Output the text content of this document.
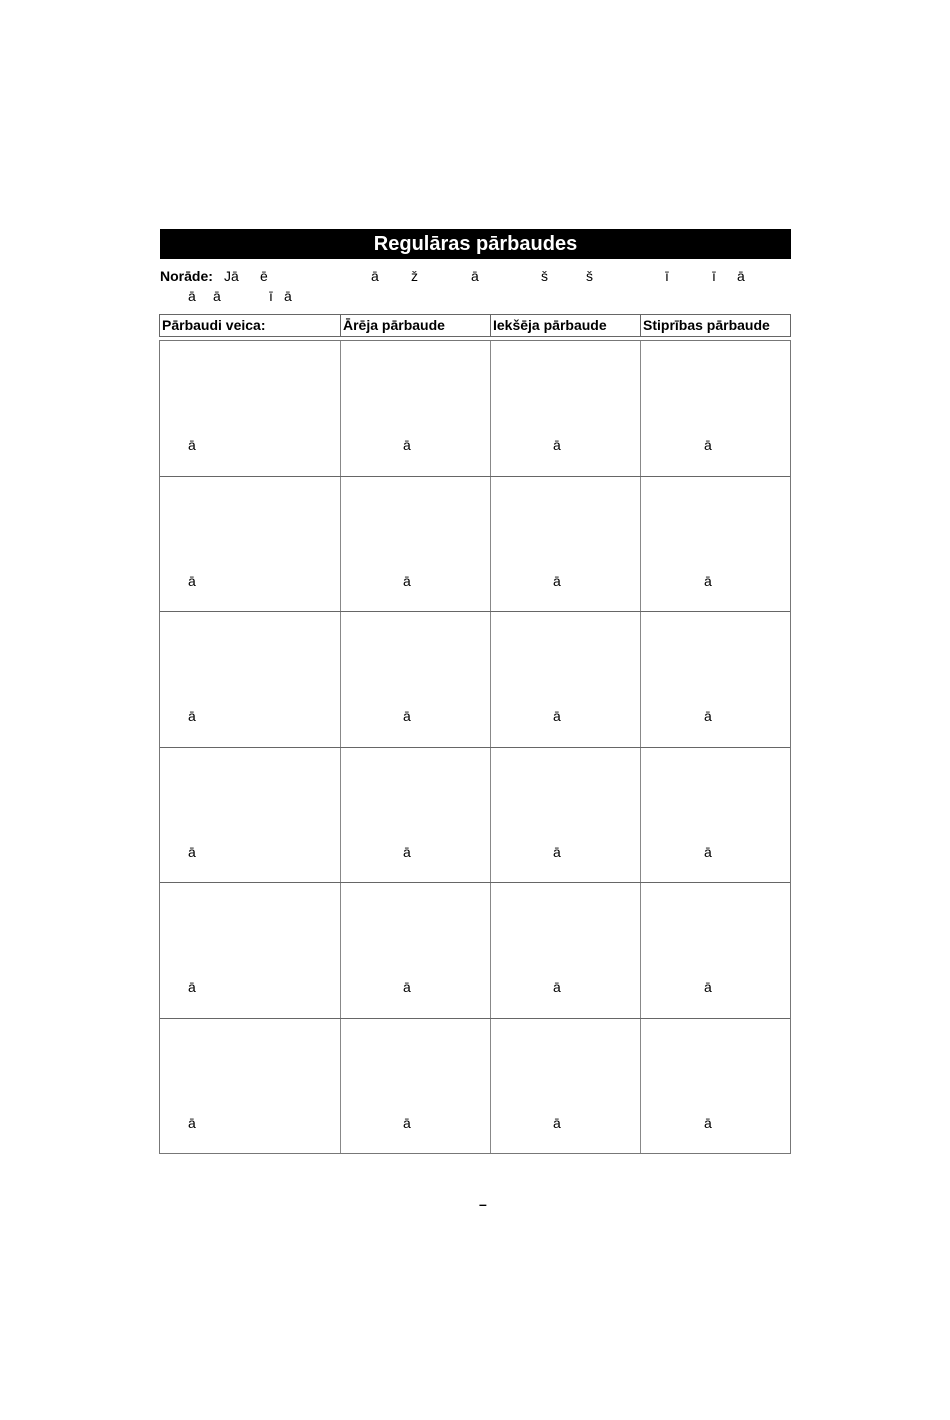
Regulāras pārbaudes
Norāde: Jā ē	ā ž	ā	š	š	ī	ī ā
ā ā	ī ā
Pārbaudi veica:	Ārēja pārbaude	Iekšēja pārbaude	Stiprības pārbaude
ā	ā	ā	ā
ā	ā	ā	ā
ā	ā	ā	ā
ā	ā	ā	ā
ā	ā	ā	ā
ā	ā	ā	ā
–
